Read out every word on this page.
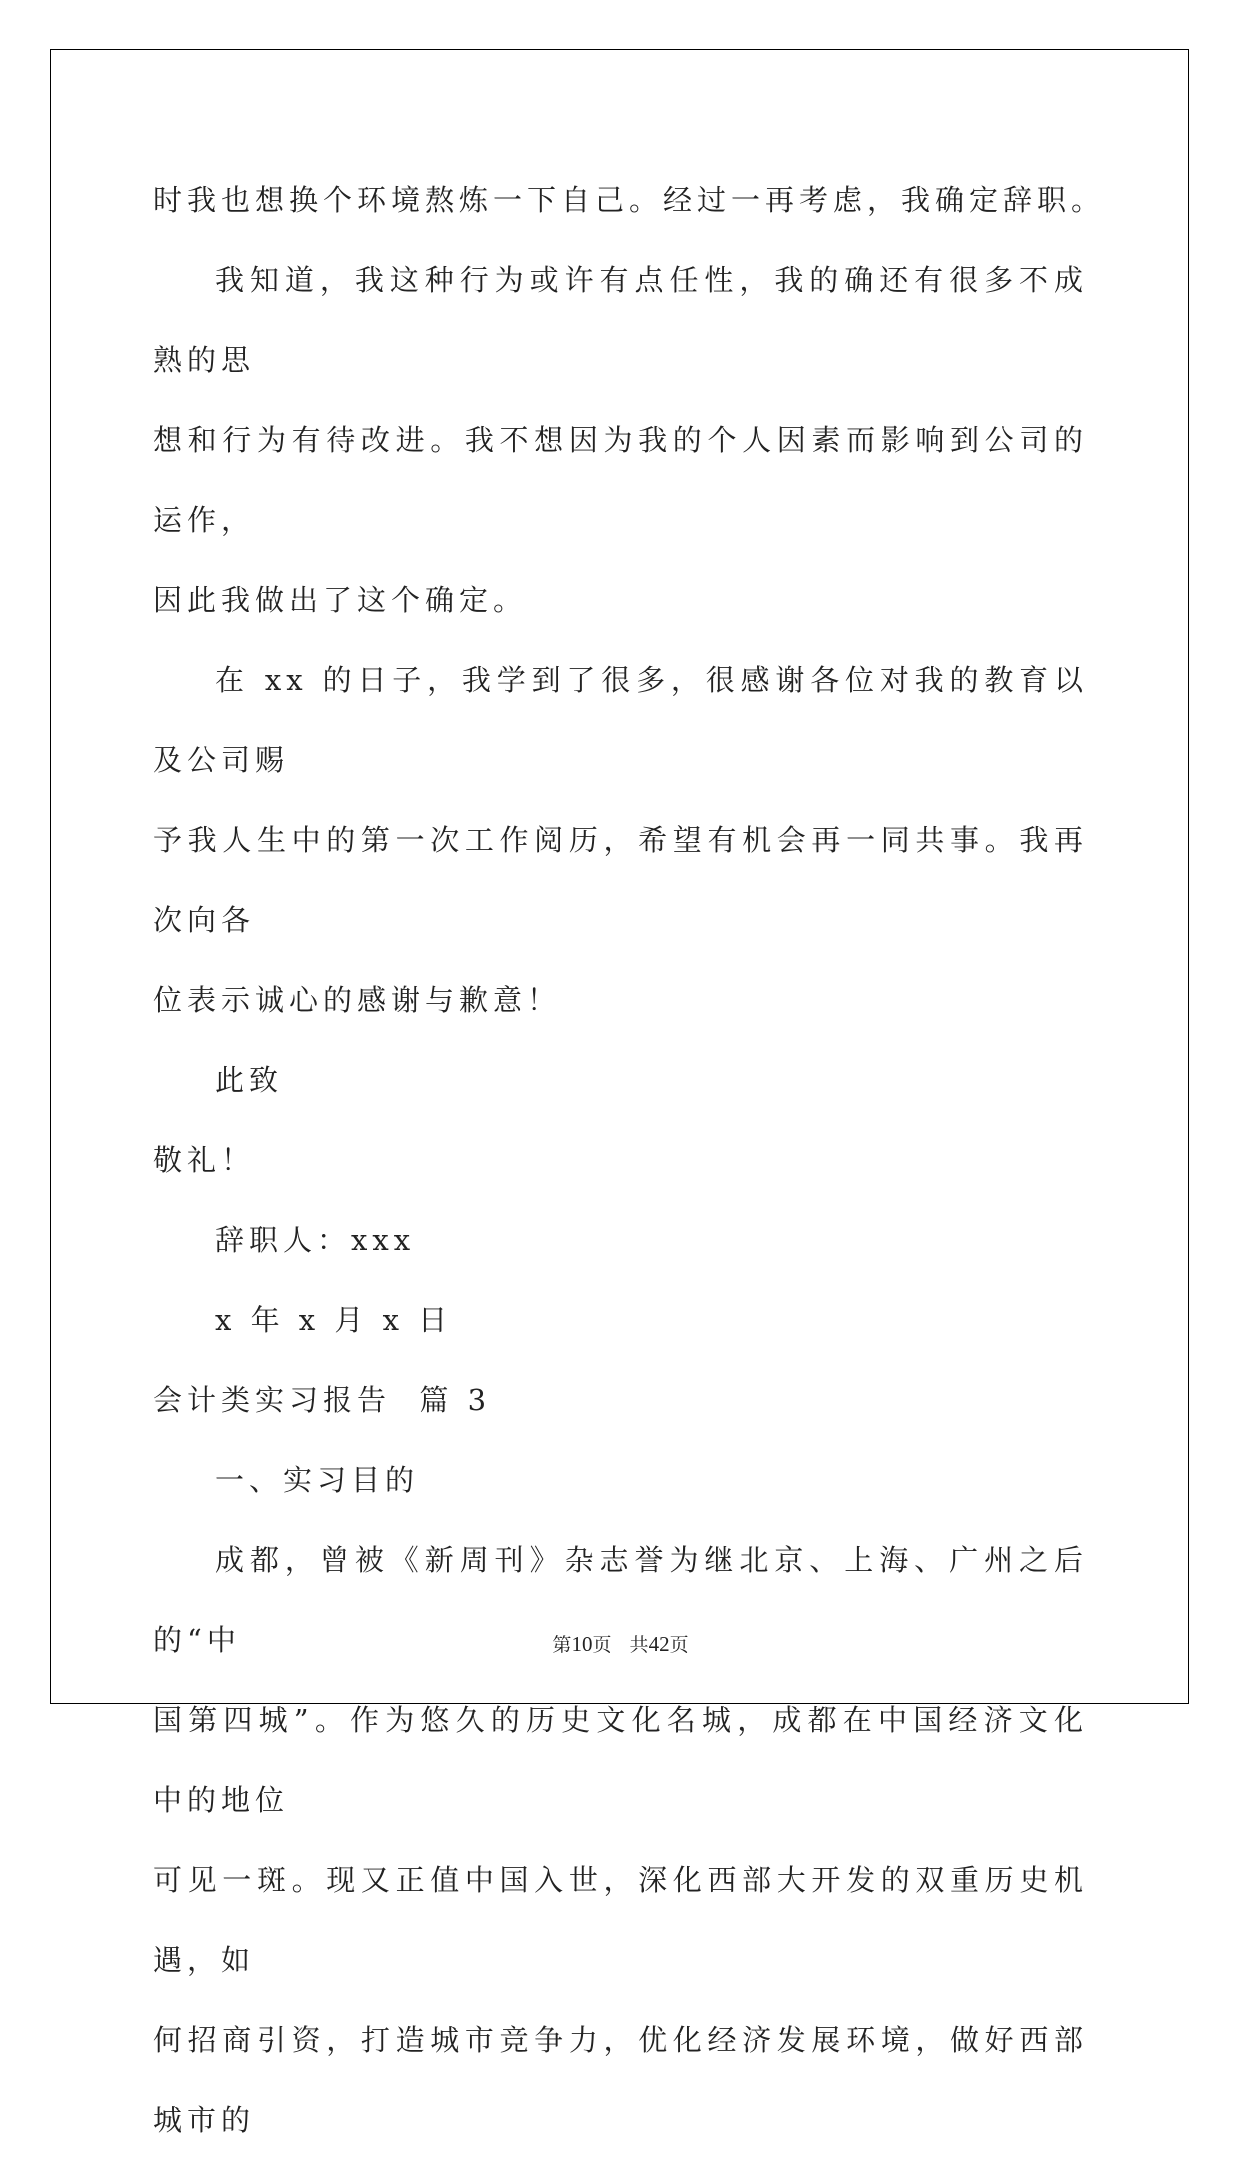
时我也想换个环境熬炼一下自己。经过一再考虑，我确定辞职。

我知道，我这种行为或许有点任性，我的确还有很多不成熟的思
想和行为有待改进。我不想因为我的个人因素而影响到公司的运作，
因此我做出了这个确定。

在 xx 的日子，我学到了很多，很感谢各位对我的教育以及公司赐
予我人生中的第一次工作阅历，希望有机会再一同共事。我再次向各
位表示诚心的感谢与歉意！

此致

敬礼！

辞职人：xxx

x 年 x 月 x 日

会计类实习报告  篇 3

一、实习目的

成都，曾被《新周刊》杂志誉为继北京、上海、广州之后的“中
国第四城”。作为悠久的历史文化名城，成都在中国经济文化中的地位
可见一斑。现又正值中国入世，深化西部大开发的双重历史机遇，如
何招商引资，打造城市竞争力，优化经济发展环境，做好西部城市的

第10页   共42页
